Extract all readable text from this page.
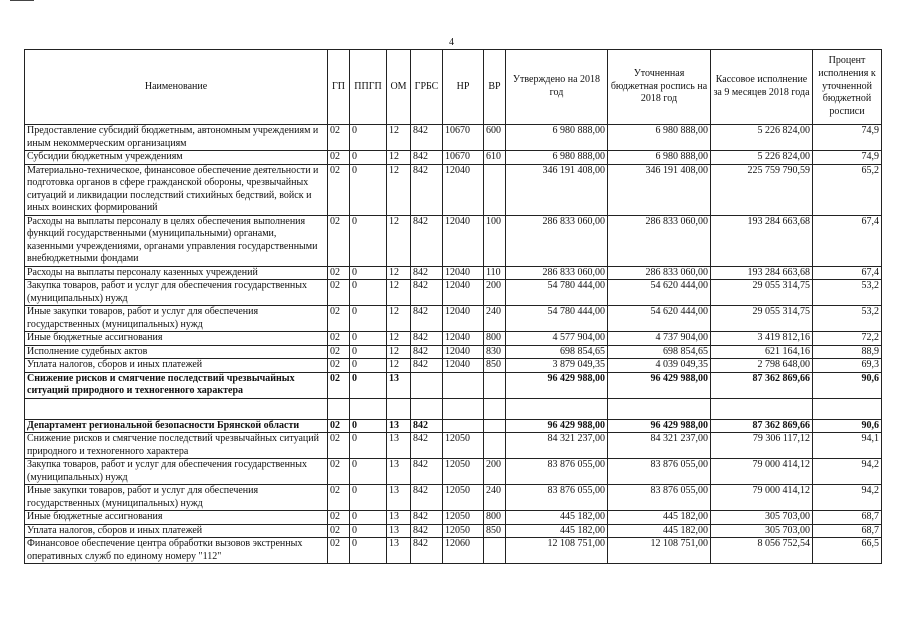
4
Наименование	ГП	ППГП	ОМ	ГРБС	НР	ВР	Утверждено на 2018 год	Уточненная бюджетная роспись на 2018 год	Кассовое исполнение за 9 месяцев 2018 года	Процент исполнения к уточненной бюджетной росписи
Предоставление субсидий бюджетным, автономным учреждениям и иным некоммерческим организациям	02	0	12	842	10670	600	6 980 888,00	6 980 888,00	5 226 824,00	74,9
Субсидии бюджетным учреждениям	02	0	12	842	10670	610	6 980 888,00	6 980 888,00	5 226 824,00	74,9
Материально-техническое, финансовое обеспечение деятельности и подготовка органов в сфере гражданской обороны, чрезвычайных ситуаций и ликвидации последствий стихийных бедствий, войск и иных воинских формирований	02	0	12	842	12040		346 191 408,00	346 191 408,00	225 759 790,59	65,2
Расходы на выплаты персоналу в целях обеспечения выполнения функций государственными (муниципальными) органами, казенными учреждениями, органами управления государственными внебюджетными фондами	02	0	12	842	12040	100	286 833 060,00	286 833 060,00	193 284 663,68	67,4
Расходы на выплаты персоналу казенных учреждений	02	0	12	842	12040	110	286 833 060,00	286 833 060,00	193 284 663,68	67,4
Закупка товаров, работ и услуг для обеспечения государственных (муниципальных) нужд	02	0	12	842	12040	200	54 780 444,00	54 620 444,00	29 055 314,75	53,2
Иные закупки товаров, работ и услуг для обеспечения государственных (муниципальных) нужд	02	0	12	842	12040	240	54 780 444,00	54 620 444,00	29 055 314,75	53,2
Иные бюджетные ассигнования	02	0	12	842	12040	800	4 577 904,00	4 737 904,00	3 419 812,16	72,2
Исполнение судебных актов	02	0	12	842	12040	830	698 854,65	698 854,65	621 164,16	88,9
Уплата налогов, сборов и иных платежей	02	0	12	842	12040	850	3 879 049,35	4 039 049,35	2 798 648,00	69,3
Снижение рисков и смягчение последствий чрезвычайных ситуаций природного и техногенного характера	02	0	13				96 429 988,00	96 429 988,00	87 362 869,66	90,6

Департамент региональной безопасности Брянской области	02	0	13	842			96 429 988,00	96 429 988,00	87 362 869,66	90,6
Снижение рисков и смягчение последствий чрезвычайных ситуаций природного и техногенного характера	02	0	13	842	12050		84 321 237,00	84 321 237,00	79 306 117,12	94,1
Закупка товаров, работ и услуг для обеспечения государственных (муниципальных) нужд	02	0	13	842	12050	200	83 876 055,00	83 876 055,00	79 000 414,12	94,2
Иные закупки товаров, работ и услуг для обеспечения государственных (муниципальных) нужд	02	0	13	842	12050	240	83 876 055,00	83 876 055,00	79 000 414,12	94,2
Иные бюджетные ассигнования	02	0	13	842	12050	800	445 182,00	445 182,00	305 703,00	68,7
Уплата налогов, сборов и иных платежей	02	0	13	842	12050	850	445 182,00	445 182,00	305 703,00	68,7
Финансовое обеспечение центра обработки вызовов экстренных оперативных служб по единому номеру "112"	02	0	13	842	12060		12 108 751,00	12 108 751,00	8 056 752,54	66,5
